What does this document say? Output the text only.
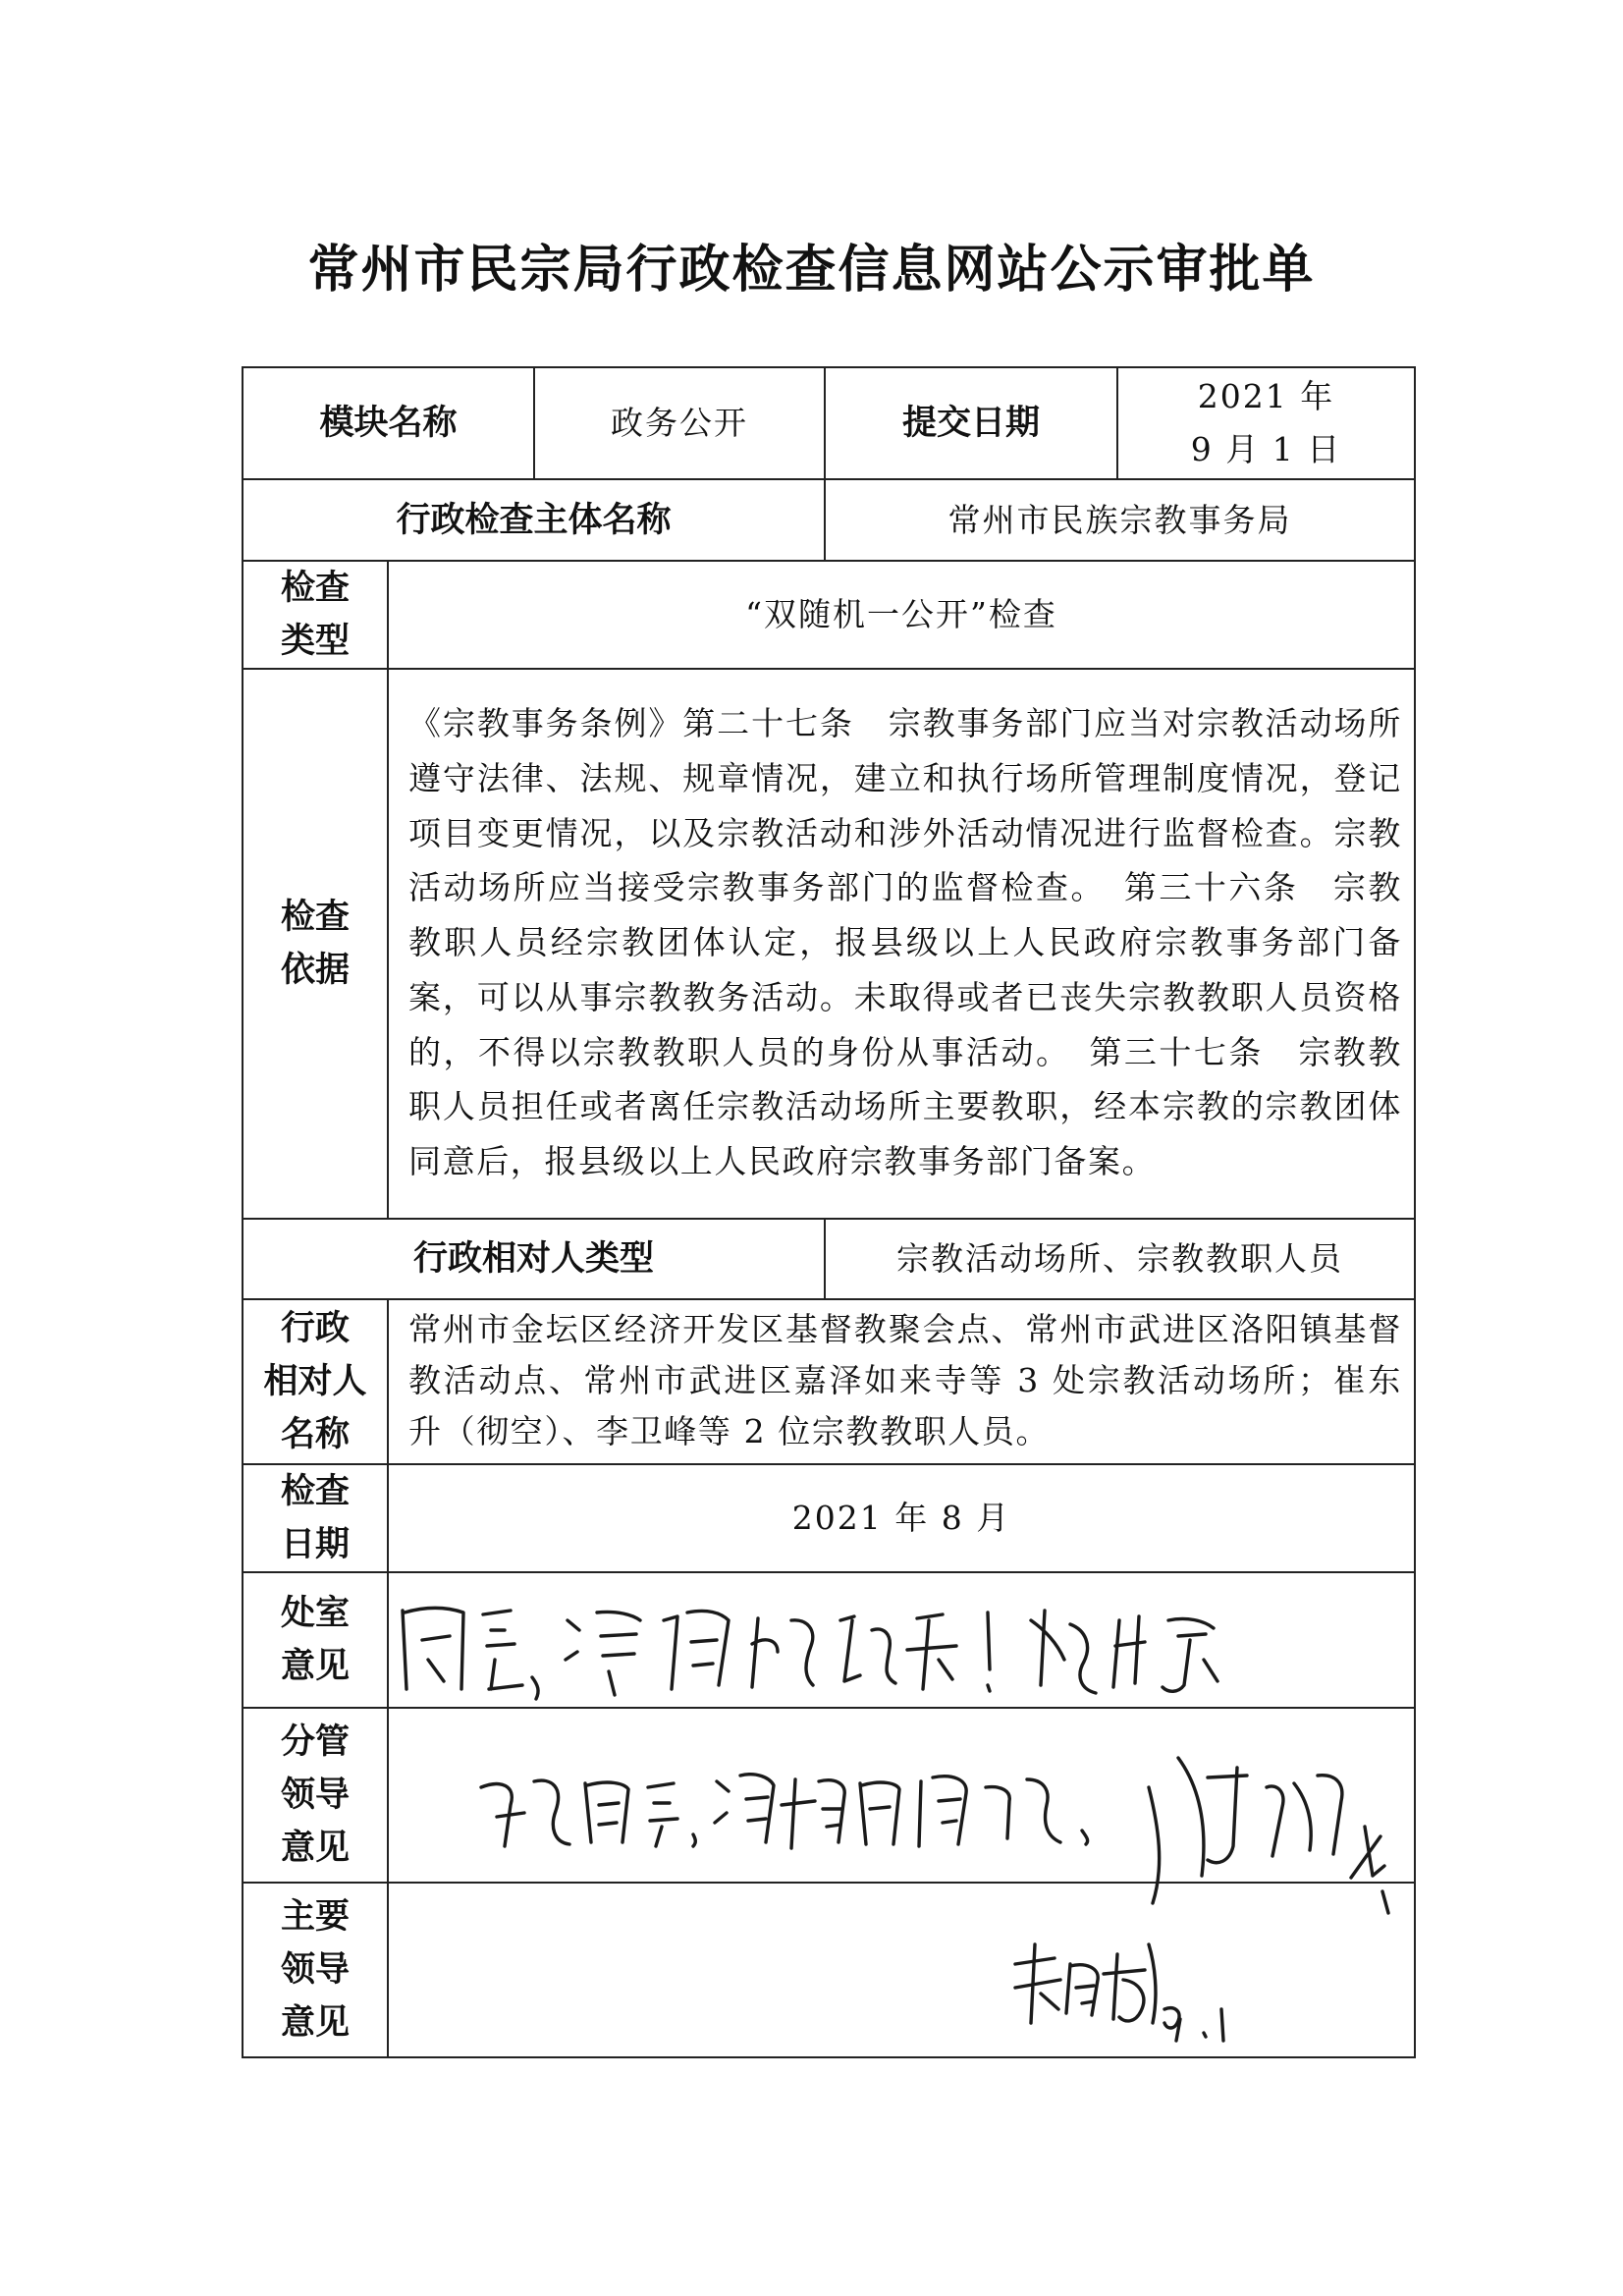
常州市民宗局行政检查信息网站公示审批单
模块名称		政务公开	提交日期	2021 年
9 月 1 日

行政检查主体名称			常州市民族宗教事务局	

检查
类型	“双随机一公开”检查			

检查
依据	《宗教事务条例》第二十七条　宗教事务部门应当对宗教活动场所遵守法律、法规、规章情况，建立和执行场所管理制度情况，登记项目变更情况，以及宗教活动和涉外活动情况进行监督检查。宗教活动场所应当接受宗教事务部门的监督检查。　第三十六条　宗教教职人员经宗教团体认定，报县级以上人民政府宗教事务部门备案，可以从事宗教教务活动。未取得或者已丧失宗教教职人员资格的，不得以宗教教职人员的身份从事活动。　第三十七条　宗教教职人员担任或者离任宗教活动场所主要教职，经本宗教的宗教团体同意后，报县级以上人民政府宗教事务部门备案。			
行政相对人类型			宗教活动场所、宗教教职人员	

行政
相对人
名称	常州市金坛区经济开发区基督教聚会点、常州市武进区洛阳镇基督教活动点、常州市武进区嘉泽如来寺等 3 处宗教活动场所；崔东升（彻空）、李卫峰等 2 位宗教教职人员。			

检查
日期	2021 年 8 月			

处室
意见				

分管
领导
意见				

主要
领导
意见				
